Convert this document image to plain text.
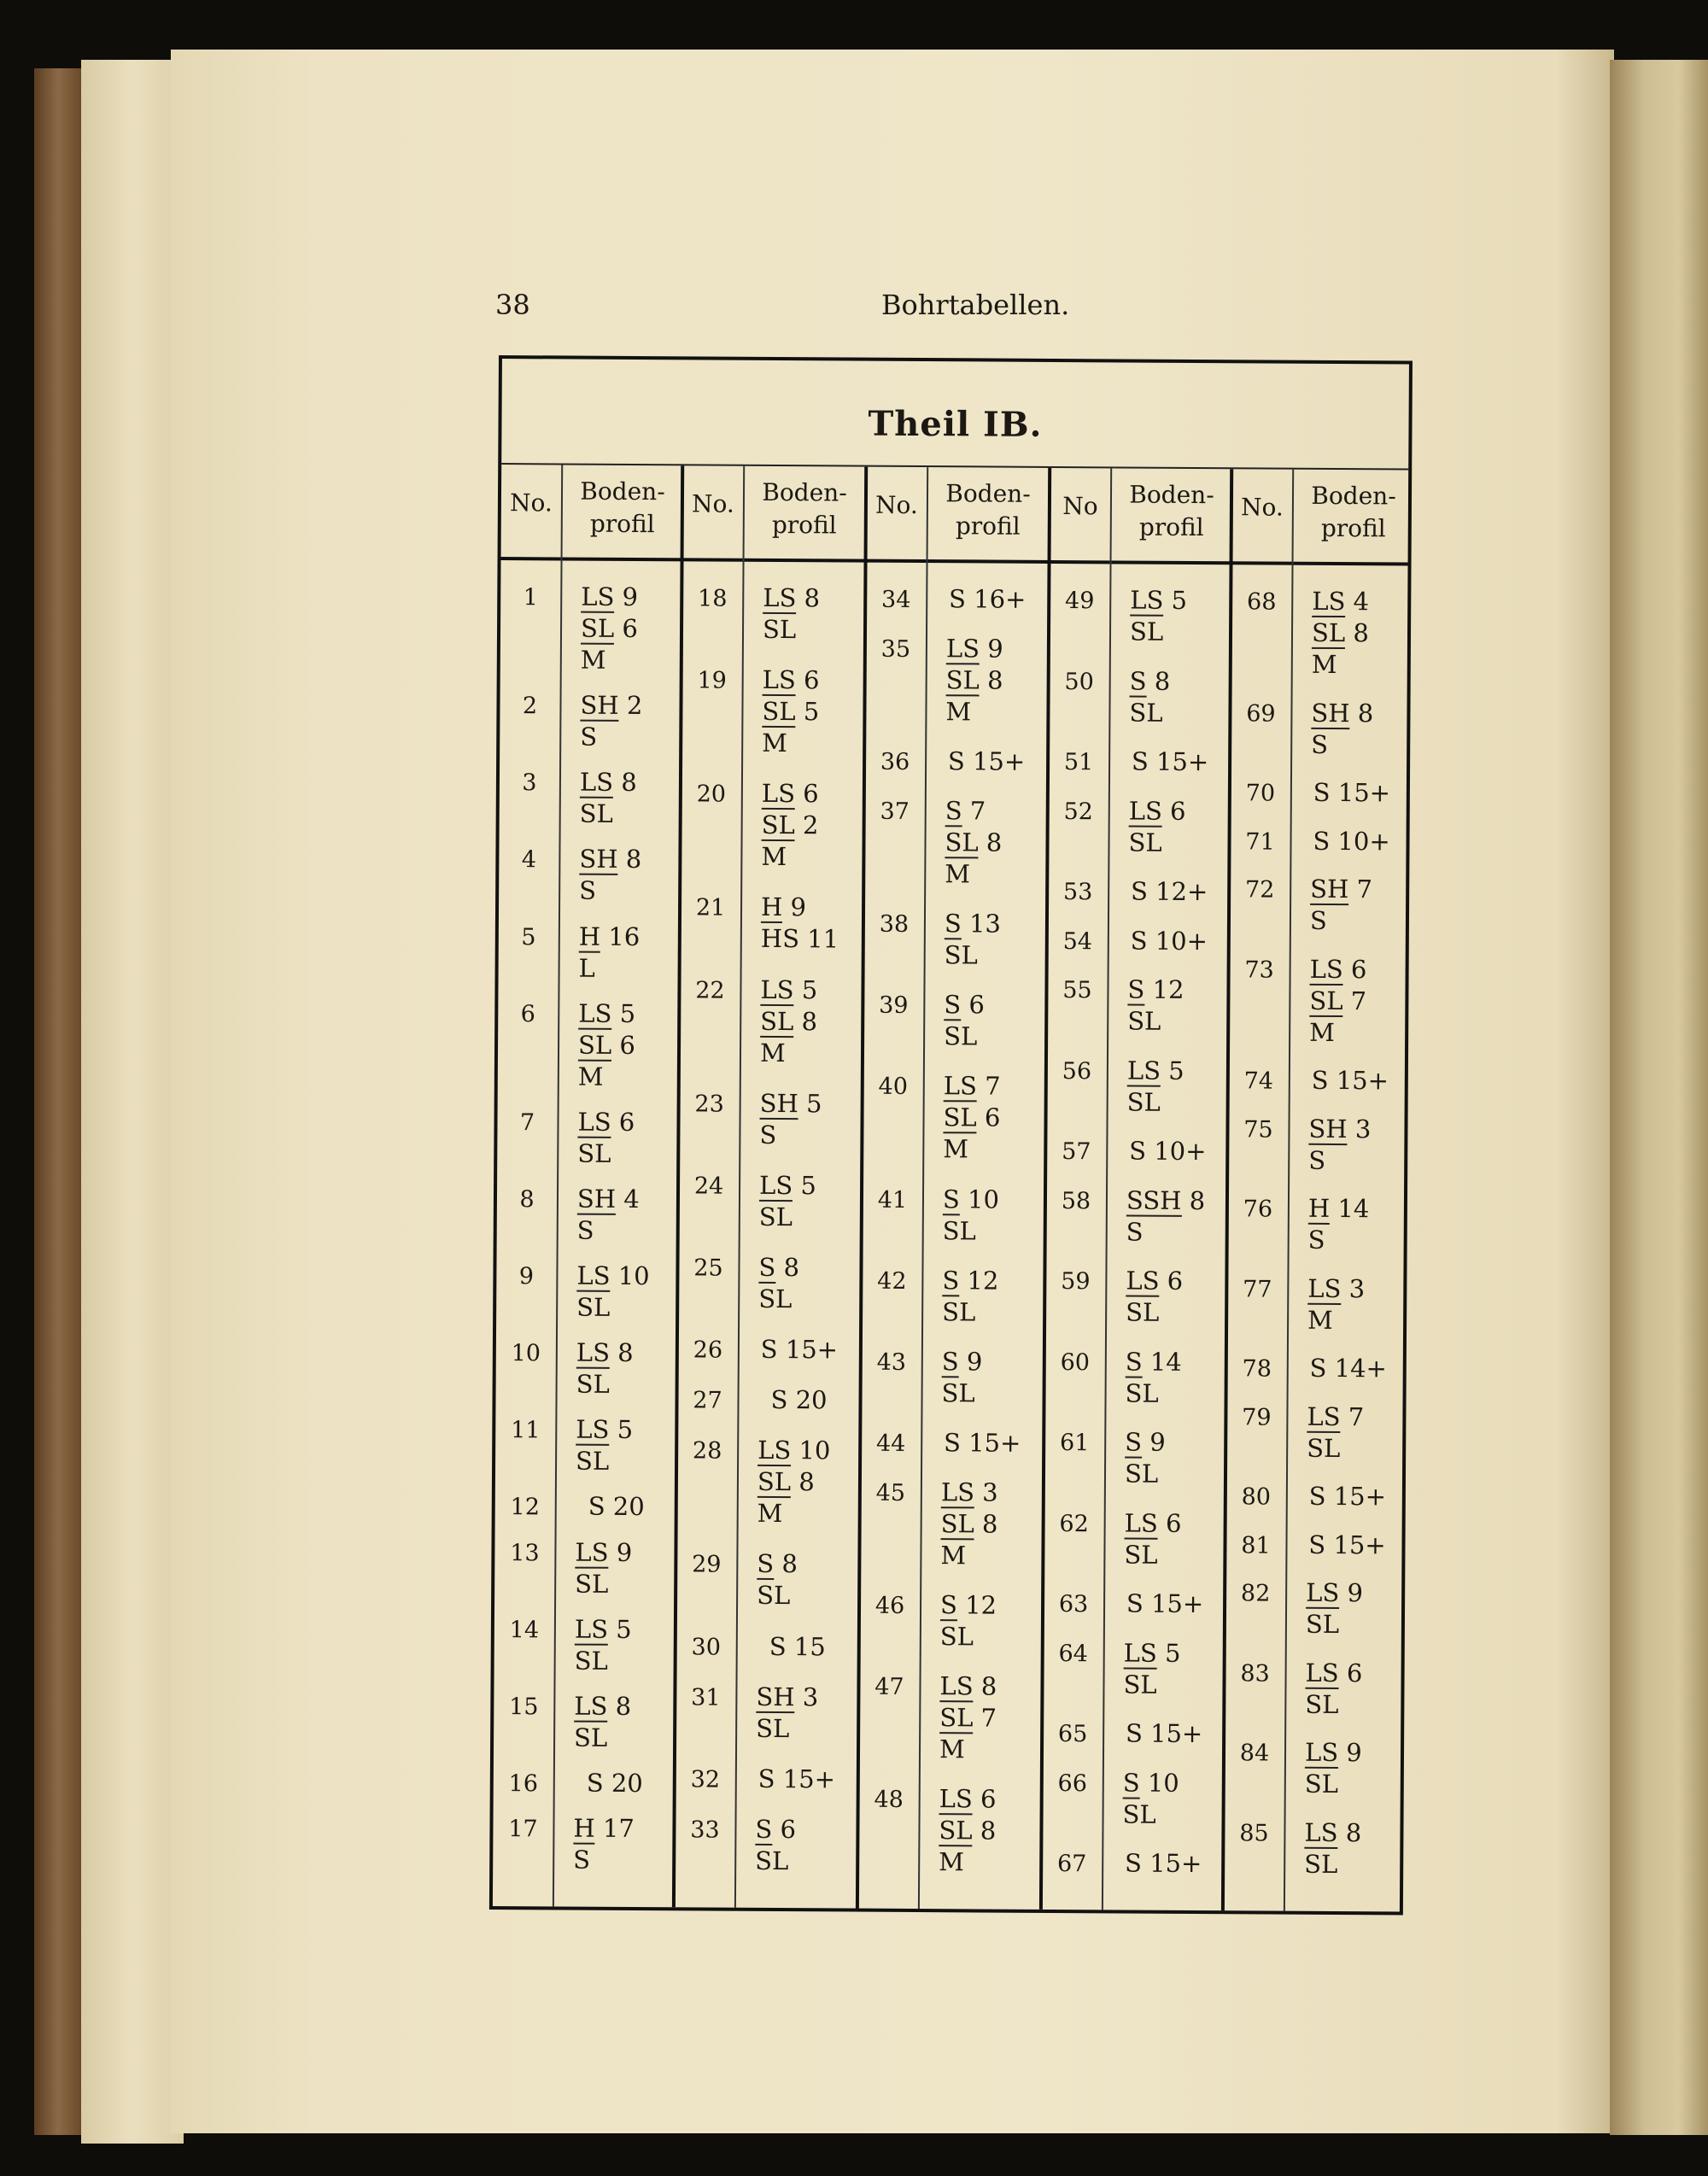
38	Bohrtabellen.
Theil IB.
No.	Boden-
profil
1	LS 9
SL 6
M
2	SH 2
S
3	LS 8
SL
4	SH 8
S
5	H 16
L
6	LS 5
SL 6
M
7	LS 6
SL
8	SH 4
S
9	LS 10
SL
10	LS 8
SL
11	LS 5
SL
12	S 20
13	LS 9
SL
14	LS 5
SL
15	LS 8
SL
16	S 20
17	H 17
S
No.	Boden-
profil
18	LS 8
SL
19	LS 6
SL 5
M
20	LS 6
SL 2
M
21	H 9
HS 11
22	LS 5
SL 8
M
23	SH 5
S
24	LS 5
SL
25	S 8
SL
26	S 15+
27	S 20
28	LS 10
SL 8
M
29	S 8
SL
30	S 15
31	SH 3
SL
32	S 15+
33	S 6
SL
No.	Boden-
profil
34	S 16+
35	LS 9
SL 8
M
36	S 15+
37	S 7
SL 8
M
38	S 13
SL
39	S 6
SL
40	LS 7
SL 6
M
41	S 10
SL
42	S 12
SL
43	S 9
SL
44	S 15+
45	LS 3
SL 8
M
46	S 12
SL
47	LS 8
SL 7
M
48	LS 6
SL 8
M
No	Boden-
profil
49	LS 5
SL
50	S 8
SL
51	S 15+
52	LS 6
SL
53	S 12+
54	S 10+
55	S 12
SL
56	LS 5
SL
57	S 10+
58	SSH 8
S
59	LS 6
SL
60	S 14
SL
61	S 9
SL
62	LS 6
SL
63	S 15+
64	LS 5
SL
65	S 15+
66	S 10
SL
67	S 15+
No.	Boden-
profil
68	LS 4
SL 8
M
69	SH 8
S
70	S 15+
71	S 10+
72	SH 7
S
73	LS 6
SL 7
M
74	S 15+
75	SH 3
S
76	H 14
S
77	LS 3
M
78	S 14+
79	LS 7
SL
80	S 15+
81	S 15+
82	LS 9
SL
83	LS 6
SL
84	LS 9
SL
85	LS 8
SL
